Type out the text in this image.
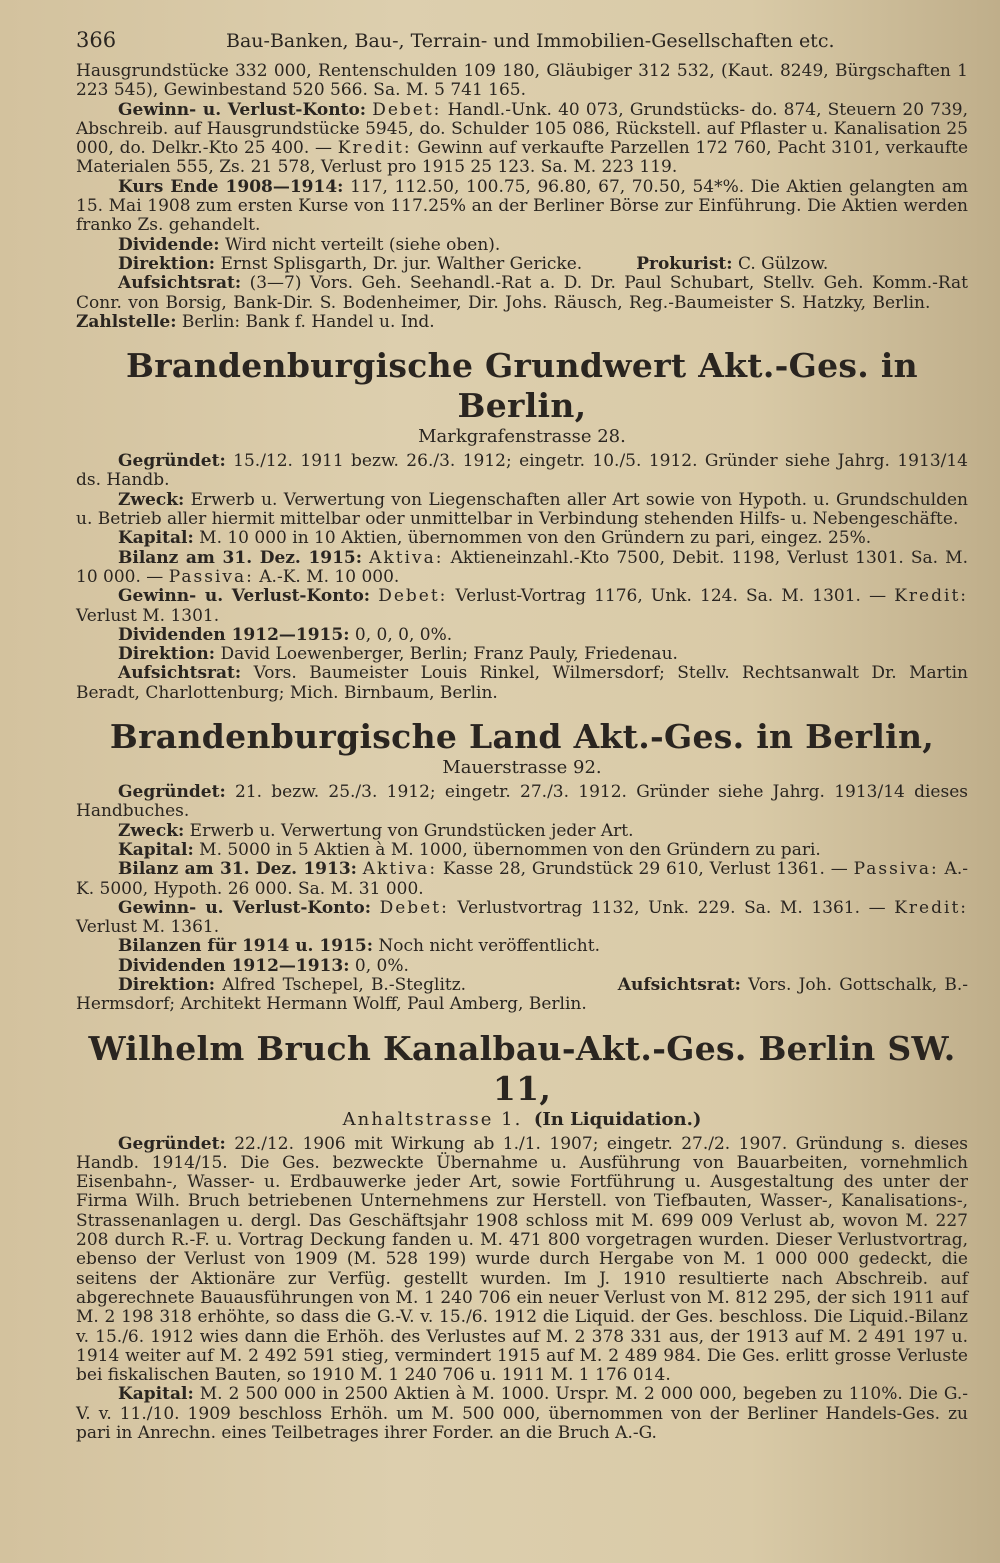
366	Bau-Banken, Bau-, Terrain- und Immobilien-Gesellschaften etc.

Hausgrundstücke 332 000, Rentenschulden 109 180, Gläubiger 312 532, (Kaut. 8249, Bürgschaften 1 223 545), Gewinbestand 520 566. Sa. M. 5 741 165.

Gewinn- u. Verlust-Konto: Debet: Handl.-Unk. 40 073, Grundstücks- do. 874, Steuern 20 739, Abschreib. auf Hausgrundstücke 5945, do. Schulder 105 086, Rückstell. auf Pflaster u. Kanalisation 25 000, do. Delkr.-Kto 25 400. — Kredit: Gewinn auf verkaufte Parzellen 172 760, Pacht 3101, verkaufte Materialen 555, Zs. 21 578, Verlust pro 1915 25 123. Sa. M. 223 119.

Kurs Ende 1908—1914: 117, 112.50, 100.75, 96.80, 67, 70.50, 54*%. Die Aktien gelangten am 15. Mai 1908 zum ersten Kurse von 117.25% an der Berliner Börse zur Einführung. Die Aktien werden franko Zs. gehandelt.

Dividende: Wird nicht verteilt (siehe oben).

Direktion: Ernst Splisgarth, Dr. jur. Walther Gericke.	Prokurist: C. Gülzow.

Aufsichtsrat: (3—7) Vors. Geh. Seehandl.-Rat a. D. Dr. Paul Schubart, Stellv. Geh. Komm.-Rat Conr. von Borsig, Bank-Dir. S. Bodenheimer, Dir. Johs. Räusch, Reg.-Baumeister S. Hatzky, Berlin.       Zahlstelle: Berlin: Bank f. Handel u. Ind.

Brandenburgische Grundwert Akt.-Ges. in Berlin,

Markgrafenstrasse 28.

Gegründet: 15./12. 1911 bezw. 26./3. 1912; eingetr. 10./5. 1912. Gründer siehe Jahrg. 1913/14 ds. Handb.

Zweck: Erwerb u. Verwertung von Liegenschaften aller Art sowie von Hypoth. u. Grundschulden u. Betrieb aller hiermit mittelbar oder unmittelbar in Verbindung stehenden Hilfs- u. Nebengeschäfte.

Kapital: M. 10 000 in 10 Aktien, übernommen von den Gründern zu pari, eingez. 25%.

Bilanz am 31. Dez. 1915: Aktiva: Aktieneinzahl.-Kto 7500, Debit. 1198, Verlust 1301. Sa. M. 10 000. — Passiva: A.-K. M. 10 000.

Gewinn- u. Verlust-Konto: Debet: Verlust-Vortrag 1176, Unk. 124. Sa. M. 1301. — Kredit: Verlust M. 1301.

Dividenden 1912—1915: 0, 0, 0, 0%.

Direktion: David Loewenberger, Berlin; Franz Pauly, Friedenau.

Aufsichtsrat: Vors. Baumeister Louis Rinkel, Wilmersdorf; Stellv. Rechtsanwalt Dr. Martin Beradt, Charlottenburg; Mich. Birnbaum, Berlin.

Brandenburgische Land Akt.-Ges. in Berlin,

Mauerstrasse 92.

Gegründet: 21. bezw. 25./3. 1912; eingetr. 27./3. 1912. Gründer siehe Jahrg. 1913/14 dieses Handbuches.

Zweck: Erwerb u. Verwertung von Grundstücken jeder Art.

Kapital: M. 5000 in 5 Aktien à M. 1000, übernommen von den Gründern zu pari.

Bilanz am 31. Dez. 1913: Aktiva: Kasse 28, Grundstück 29 610, Verlust 1361. — Passiva: A.-K. 5000, Hypoth. 26 000. Sa. M. 31 000.

Gewinn- u. Verlust-Konto: Debet: Verlustvortrag 1132, Unk. 229. Sa. M. 1361. — Kredit: Verlust M. 1361.

Bilanzen für 1914 u. 1915: Noch nicht veröffentlicht.

Dividenden 1912—1913: 0, 0%.

Direktion: Alfred Tschepel, B.-Steglitz.	Aufsichtsrat: Vors. Joh. Gottschalk, B.-Hermsdorf; Architekt Hermann Wolff, Paul Amberg, Berlin.

Wilhelm Bruch Kanalbau-Akt.-Ges. Berlin SW. 11,

Anhaltstrasse 1. (In Liquidation.)

Gegründet: 22./12. 1906 mit Wirkung ab 1./1. 1907; eingetr. 27./2. 1907. Gründung s. dieses Handb. 1914/15. Die Ges. bezweckte Übernahme u. Ausführung von Bauarbeiten, vornehmlich Eisenbahn-, Wasser- u. Erdbauwerke jeder Art, sowie Fortführung u. Ausgestaltung des unter der Firma Wilh. Bruch betriebenen Unternehmens zur Herstell. von Tiefbauten, Wasser-, Kanalisations-, Strassenanlagen u. dergl. Das Geschäftsjahr 1908 schloss mit M. 699 009 Verlust ab, wovon M. 227 208 durch R.-F. u. Vortrag Deckung fanden u. M. 471 800 vorgetragen wurden. Dieser Verlustvortrag, ebenso der Verlust von 1909 (M. 528 199) wurde durch Hergabe von M. 1 000 000 gedeckt, die seitens der Aktionäre zur Verfüg. gestellt wurden. Im J. 1910 resultierte nach Abschreib. auf abgerechnete Bauausführungen von M. 1 240 706 ein neuer Verlust von M. 812 295, der sich 1911 auf M. 2 198 318 erhöhte, so dass die G.-V. v. 15./6. 1912 die Liquid. der Ges. beschloss. Die Liquid.-Bilanz v. 15./6. 1912 wies dann die Erhöh. des Verlustes auf M. 2 378 331 aus, der 1913 auf M. 2 491 197 u. 1914 weiter auf M. 2 492 591 stieg, vermindert 1915 auf M. 2 489 984. Die Ges. erlitt grosse Verluste bei fiskalischen Bauten, so 1910 M. 1 240 706 u. 1911 M. 1 176 014.

Kapital: M. 2 500 000 in 2500 Aktien à M. 1000. Urspr. M. 2 000 000, begeben zu 110%. Die G.-V. v. 11./10. 1909 beschloss Erhöh. um M. 500 000, übernommen von der Berliner Handels-Ges. zu pari in Anrechn. eines Teilbetrages ihrer Forder. an die Bruch A.-G.
